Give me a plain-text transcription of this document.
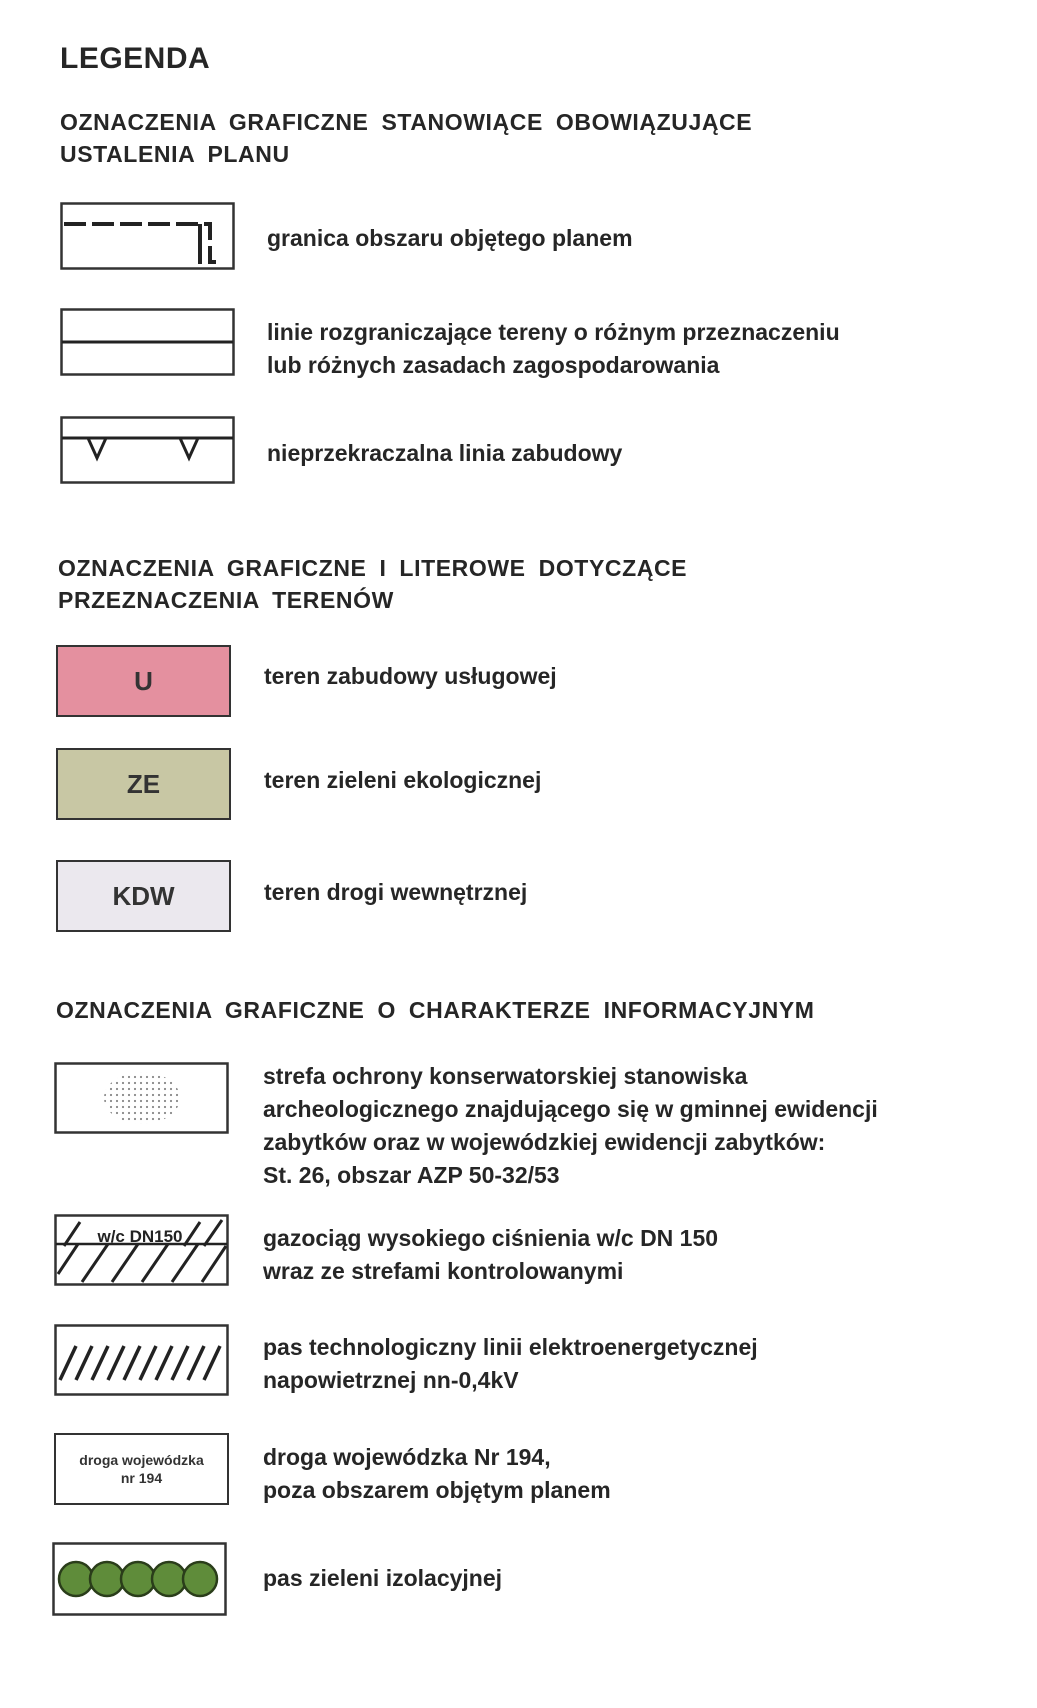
LEGENDA
OZNACZENIA GRAFICZNE STANOWIĄCE OBOWIĄZUJĄCE
USTALENIA PLANU
granica obszaru objętego planem
linie rozgraniczające tereny o różnym przeznaczeniu
lub różnych zasadach zagospodarowania
nieprzekraczalna linia zabudowy
OZNACZENIA GRAFICZNE I LITEROWE DOTYCZĄCE
PRZEZNACZENIA TERENÓW
U	teren zabudowy usługowej
ZE	teren zieleni ekologicznej
KDW	teren drogi wewnętrznej
OZNACZENIA GRAFICZNE O CHARAKTERZE INFORMACYJNYM
strefa ochrony konserwatorskiej stanowiska
archeologicznego znajdującego się w gminnej ewidencji
zabytków oraz w wojewódzkiej ewidencji zabytków:
St. 26, obszar AZP 50-32/53
w/c DN150	gazociąg wysokiego ciśnienia w/c DN 150
wraz ze strefami kontrolowanymi
pas technologiczny linii elektroenergetycznej
napowietrznej nn-0,4kV
droga wojewódzka
nr 194
droga wojewódzka Nr 194,
poza obszarem objętym planem
pas zieleni izolacyjnej
